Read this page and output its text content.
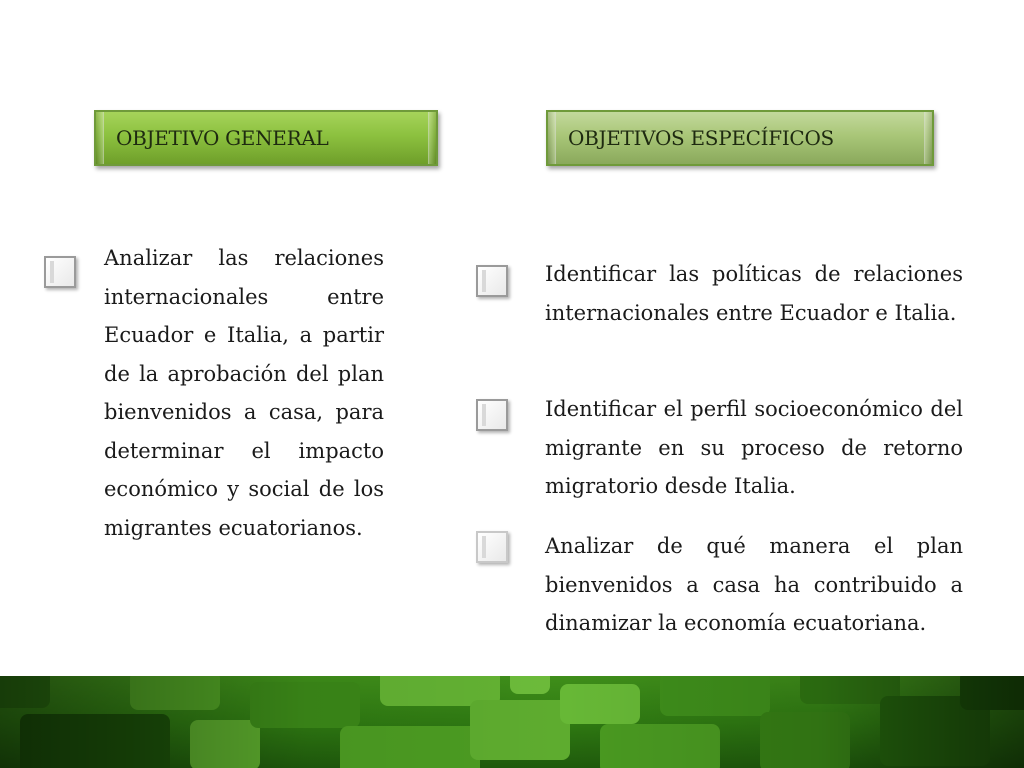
OBJETIVO GENERAL	OBJETIVOS ESPECÍFICOS

Analizar las relaciones internacionales entre Ecuador e Italia, a partir de la aprobación del plan bienvenidos a casa, para determinar el impacto económico y social de los migrantes ecuatorianos.

Identificar las políticas de relaciones internacionales entre Ecuador e Italia.

Identificar el perfil socioeconómico del migrante en su proceso de retorno migratorio desde Italia.

Analizar de qué manera el plan bienvenidos a casa ha contribuido a dinamizar la economía ecuatoriana.
